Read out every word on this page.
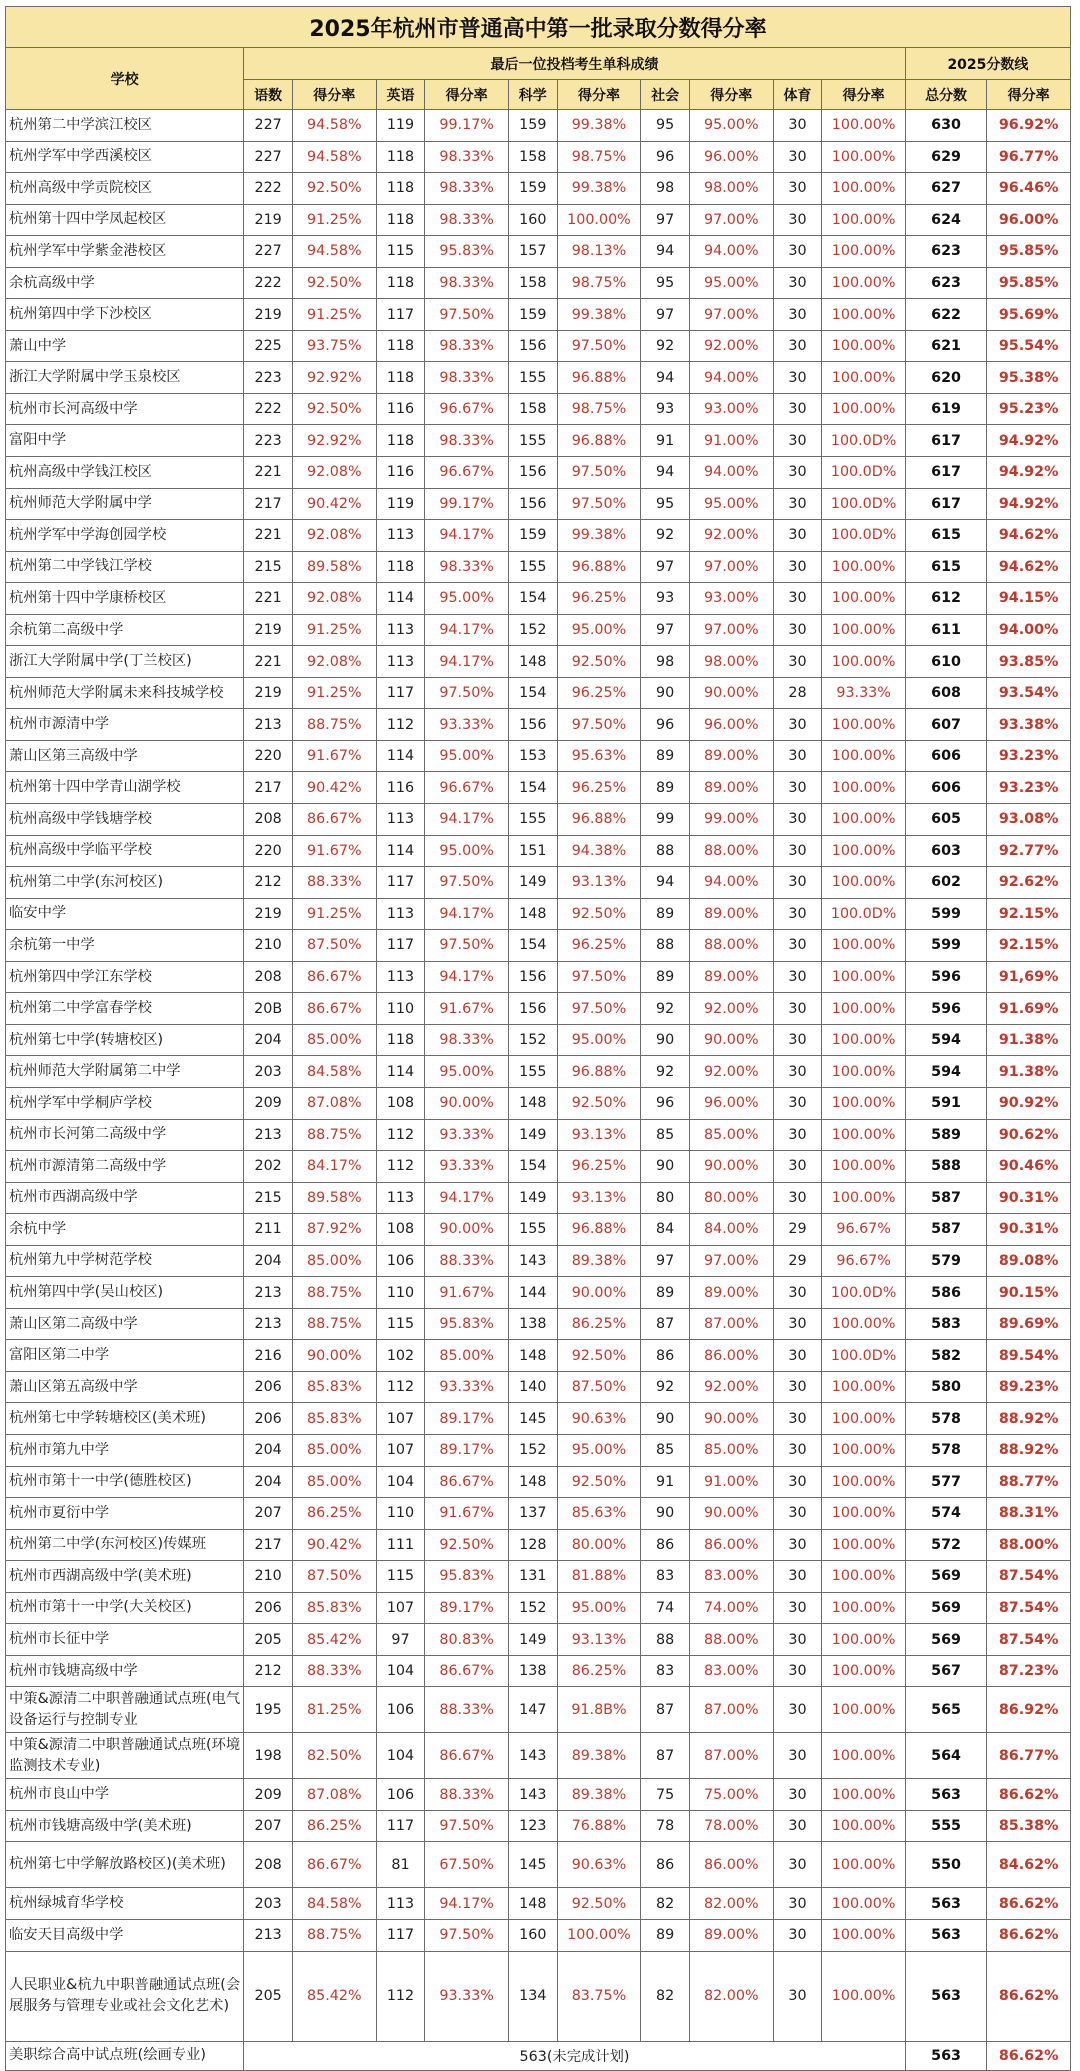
2025年杭州市普通高中第一批录取分数得分率												
学校	最后一位投档考生单科成绩										2025分数线	
	语数	得分率	英语	得分率	科学	得分率	社会	得分率	体育	得分率	总分数	得分率
杭州第二中学滨江校区	227	94.58%	119	99.17%	159	99.38%	95	95.00%	30	100.00%	630	96.92%
杭州学军中学西溪校区	227	94.58%	118	98.33%	158	98.75%	96	96.00%	30	100.00%	629	96.77%
杭州高级中学贡院校区	222	92.50%	118	98.33%	159	99.38%	98	98.00%	30	100.00%	627	96.46%
杭州第十四中学凤起校区	219	91.25%	118	98.33%	160	100.00%	97	97.00%	30	100.00%	624	96.00%
杭州学军中学紫金港校区	227	94.58%	115	95.83%	157	98.13%	94	94.00%	30	100.00%	623	95.85%
余杭高级中学	222	92.50%	118	98.33%	158	98.75%	95	95.00%	30	100.00%	623	95.85%
杭州第四中学下沙校区	219	91.25%	117	97.50%	159	99.38%	97	97.00%	30	100.00%	622	95.69%
萧山中学	225	93.75%	118	98.33%	156	97.50%	92	92.00%	30	100.00%	621	95.54%
浙江大学附属中学玉泉校区	223	92.92%	118	98.33%	155	96.88%	94	94.00%	30	100.00%	620	95.38%
杭州市长河高级中学	222	92.50%	116	96.67%	158	98.75%	93	93.00%	30	100.00%	619	95.23%
富阳中学	223	92.92%	118	98.33%	155	96.88%	91	91.00%	30	100.0D%	617	94.92%
杭州高级中学钱江校区	221	92.08%	116	96.67%	156	97.50%	94	94.00%	30	100.0D%	617	94.92%
杭州师范大学附属中学	217	90.42%	119	99.17%	156	97.50%	95	95.00%	30	100.0D%	617	94.92%
杭州学军中学海创园学校	221	92.08%	113	94.17%	159	99.38%	92	92.00%	30	100.0D%	615	94.62%
杭州第二中学钱江学校	215	89.58%	118	98.33%	155	96.88%	97	97.00%	30	100.00%	615	94.62%
杭州第十四中学康桥校区	221	92.08%	114	95.00%	154	96.25%	93	93.00%	30	100.00%	612	94.15%
余杭第二高级中学	219	91.25%	113	94.17%	152	95.00%	97	97.00%	30	100.00%	611	94.00%
浙江大学附属中学(丁兰校区)	221	92.08%	113	94.17%	148	92.50%	98	98.00%	30	100.00%	610	93.85%
杭州师范大学附属未来科技城学校	219	91.25%	117	97.50%	154	96.25%	90	90.00%	28	93.33%	608	93.54%
杭州市源清中学	213	88.75%	112	93.33%	156	97.50%	96	96.00%	30	100.00%	607	93.38%
萧山区第三高级中学	220	91.67%	114	95.00%	153	95.63%	89	89.00%	30	100.00%	606	93.23%
杭州第十四中学青山湖学校	217	90.42%	116	96.67%	154	96.25%	89	89.00%	30	100.00%	606	93.23%
杭州高级中学钱塘学校	208	86.67%	113	94.17%	155	96.88%	99	99.00%	30	100.00%	605	93.08%
杭州高级中学临平学校	220	91.67%	114	95.00%	151	94.38%	88	88.00%	30	100.00%	603	92.77%
杭州第二中学(东河校区)	212	88.33%	117	97.50%	149	93.13%	94	94.00%	30	100.00%	602	92.62%
临安中学	219	91.25%	113	94.17%	148	92.50%	89	89.00%	30	100.0D%	599	92.15%
余杭第一中学	210	87.50%	117	97.50%	154	96.25%	88	88.00%	30	100.00%	599	92.15%
杭州第四中学江东学校	208	86.67%	113	94.17%	156	97.50%	89	89.00%	30	100.00%	596	91,69%
杭州第二中学富春学校	20B	86.67%	110	91.67%	156	97.50%	92	92.00%	30	100.00%	596	91.69%
杭州第七中学(转塘校区)	204	85.00%	118	98.33%	152	95.00%	90	90.00%	30	100.00%	594	91.38%
杭州师范大学附属第二中学	203	84.58%	114	95.00%	155	96.88%	92	92.00%	30	100.00%	594	91.38%
杭州学军中学桐庐学校	209	87.08%	108	90.00%	148	92.50%	96	96.00%	30	100.00%	591	90.92%
杭州市长河第二高级中学	213	88.75%	112	93.33%	149	93.13%	85	85.00%	30	100.00%	589	90.62%
杭州市源清第二高级中学	202	84.17%	112	93.33%	154	96.25%	90	90.00%	30	100.00%	588	90.46%
杭州市西湖高级中学	215	89.58%	113	94.17%	149	93.13%	80	80.00%	30	100.00%	587	90.31%
余杭中学	211	87.92%	108	90.00%	155	96.88%	84	84.00%	29	96.67%	587	90.31%
杭州第九中学树范学校	204	85.00%	106	88.33%	143	89.38%	97	97.00%	29	96.67%	579	89.08%
杭州第四中学(吴山校区)	213	88.75%	110	91.67%	144	90.00%	89	89.00%	30	100.0D%	586	90.15%
萧山区第二高级中学	213	88.75%	115	95.83%	138	86.25%	87	87.00%	30	100.00%	583	89.69%
富阳区第二中学	216	90.00%	102	85.00%	148	92.50%	86	86.00%	30	100.0D%	582	89.54%
萧山区第五高级中学	206	85.83%	112	93.33%	140	87.50%	92	92.00%	30	100.00%	580	89.23%
杭州第七中学转塘校区(美术班)	206	85.83%	107	89.17%	145	90.63%	90	90.00%	30	100.00%	578	88.92%
杭州市第九中学	204	85.00%	107	89.17%	152	95.00%	85	85.00%	30	100.00%	578	88.92%
杭州市第十一中学(德胜校区)	204	85.00%	104	86.67%	148	92.50%	91	91.00%	30	100.00%	577	88.77%
杭州市夏衍中学	207	86.25%	110	91.67%	137	85.63%	90	90.00%	30	100.00%	574	88.31%
杭州第二中学(东河校区)传媒班	217	90.42%	111	92.50%	128	80.00%	86	86.00%	30	100.00%	572	88.00%
杭州市西湖高级中学(美术班)	210	87.50%	115	95.83%	131	81.88%	83	83.00%	30	100.00%	569	87.54%
杭州市第十一中学(大关校区)	206	85.83%	107	89.17%	152	95.00%	74	74.00%	30	100.00%	569	87.54%
杭州市长征中学	205	85.42%	97	80.83%	149	93.13%	88	88.00%	30	100.00%	569	87.54%
杭州市钱塘高级中学	212	88.33%	104	86.67%	138	86.25%	83	83.00%	30	100.00%	567	87.23%
中策&源清二中职普融通试点班(电气设备运行与控制专业	195	81.25%	106	88.33%	147	91.8B%	87	87.00%	30	100.00%	565	86.92%
中策&源清二中职普融通试点班(环境监测技术专业)	198	82.50%	104	86.67%	143	89.38%	87	87.00%	30	100.00%	564	86.77%
杭州市良山中学	209	87.08%	106	88.33%	143	89.38%	75	75.00%	30	100.00%	563	86.62%
杭州市钱塘高级中学(美术班)	207	86.25%	117	97.50%	123	76.88%	78	78.00%	30	100.00%	555	85.38%
杭州第七中学解放路校区)(美术班)	208	86.67%	81	67.50%	145	90.63%	86	86.00%	30	100.00%	550	84.62%
杭州绿城育华学校	203	84.58%	113	94.17%	148	92.50%	82	82.00%	30	100.00%	563	86.62%
临安天目高级中学	213	88.75%	117	97.50%	160	100.00%	89	89.00%	30	100.00%	563	86.62%
人民职业&杭九中职普融通试点班(会展服务与管理专业或社会文化艺术)	205	85.42%	112	93.33%	134	83.75%	82	82.00%	30	100.00%	563	86.62%
美职综合高中试点班(绘画专业)	563(未完成计划)										563	86.62%
